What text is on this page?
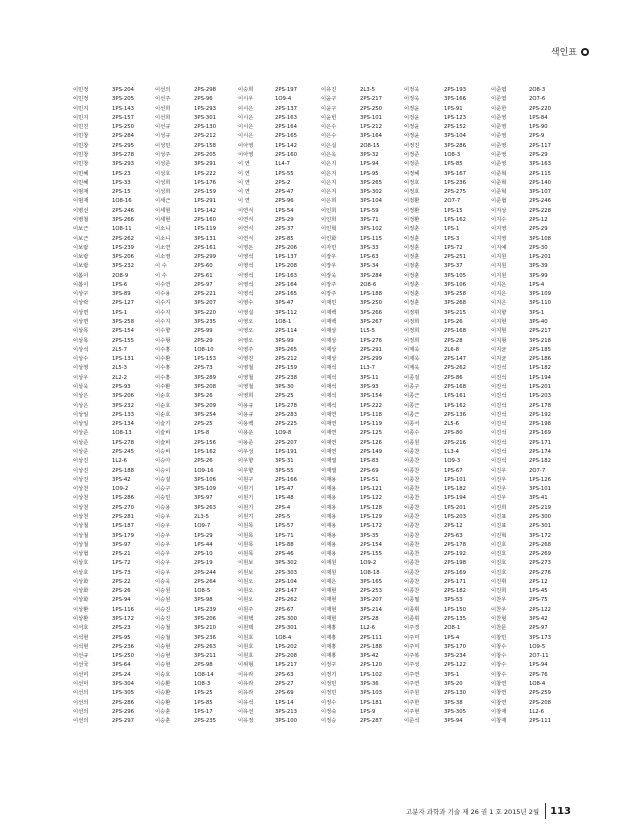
색인표
이민정	3PS-204	이선의	2PS-298	이승희	2PS-197	이유진	2L3-5	이정욱	2PS-193	이준엽	2O8-3
이민정	3PS-205	이선주	2PS-96	이시우	1O9-4	이윤구	2PS-217	이정욱	3PS-166	이준엽	2O7-6
이민지	1PS-143	이선희	1PS-293	이시은	2PS-137	이윤구	2PS-250	이정윤	1PS-91	이준한	2PS-220
이민지	2PS-157	이선희	3PS-301	이시은	2PS-163	이윤빈	3PS-101	이정윤	1PS-123	이준영	1PS-84
이민진	1PS-250	이선규	2PS-130	이시은	2PS-164	이은수	1PS-212	이정윤	2PS-152	이준영	1PS-90
이민창	2PS-284	이성규	2PS-212	이시은	2PS-165	이은수	3PS-164	이정윤	3PS-104	이준영	2PS-9
이민창	2PS-295	이성민	2PS-158	이아영	1PS-142	이은실	2O8-15	이정진	3PS-286	이준영	2PS-117
이민창	3PS-278	이성주	2PS-205	이아영	2PS-160	이은옥	3PS-32	이정준	1O8-3	이준영	2PS-29
이민창	3PS-293	이성준	3PS-291	이 연	1L4-7	이은지	1PS-94	이정준	1PS-85	이준영	3PS-163
이민혜	1PS-23	이성호	1PS-222	이 연	1PS-55	이은지	1PS-95	이정헤	3PS-167	이준혁	2PS-115
이민혜	1PS-33	이성희	1PS-176	이 연	2PS-2	이은지	3PS-265	이정호	1PS-236	이준혁	2PS-140
이범재	2PS-15	이성희	2PS-159	이 연	2PS-47	이은지	3PS-302	이정호	2PS-275	이준혁	3PS-107
이범재	1O8-16	이세근	1PS-291	이 연	2PS-96	이은희	3PS-104	이정환	2O7-7	이준협	2PS-246
이병선	2PS-246	이세현	1PS-142	이연식	1PS-54	이인희	1PS-59	이정환	1PS-15	이지상	2PS-228
이병철	3PS-266	이세현	2PS-160	이연식	2PS-29	이인희	3PS-71	이정환	1PS-162	이지수	2PS-12
이보근	1O8-11	이소니	1PS-119	이연식	2PS-37	이인혁	3PS-102	이정훈	1PS-1	이지영	2PS-29
이보근	2PS-262	이소니	3PS-131	이연식	2PS-85	이인화	1PS-115	이정훈	1PS-3	이지영	3PS-108
이보람	1PS-239	이소연	2PS-161	이영돈	2PS-206	이자민	3PS-33	이정훈	1PS-72	이지예	2PS-30
이보람	3PS-206	이소영	2PS-299	이영석	1PS-137	이장우	1PS-63	이정훈	2PS-251	이지원	1PS-201
이보람	3PS-232	이 수	2PS-60	이영석	1PS-208	이장우	3PS-34	이정훈	3PS-37	이지원	3PS-39
이봄이	2O8-9	이 수	2PS-61	이영석	1PS-163	이장욱	3PS-284	이정훈	3PS-105	이지원	3PS-99
이봄이	1PS-6	이수연	2PS-97	이영석	2PS-164	이장주	2O8-6	이정훈	3PS-106	이지은	1PS-4
이상구	3PS-89	이수용	2PS-221	이영석	2PS-165	이장주	1PS-188	이정훈	3PS-258	이지은	3PS-109
이상락	2PS-127	이수지	3PS-207	이영수	3PS-47	이재민	3PS-250	이정훈	3PS-268	이지은	3PS-110
이상면	1PS-1	이수지	3PS-220	이영실	3PS-112	이재백	3PS-266	이정휘	3PS-215	이지향	3PS-1
이상면	3PS-258	이수지	3PS-235	이영오	1O8-1	이재백	3PS-267	이정희	1PS-26	이지현	3PS-40
이상목	2PS-154	이수향	2PS-99	이영오	2PS-114	이재상	1L5-5	이정희	2PS-168	이지현	2PS-217
이상목	2PS-155	이수형	2PS-29	이영오	3PS-99	이재상	1PS-276	이정희	2PS-28	이지형	3PS-218
이상석	2L5-7	이수홍	1O8-10	이영주	3PS-265	이재상	2PS-291	이제욱	2L6-8	이지균	2PS-185
이상수	1PS-131	이수환	1PS-153	이영진	2PS-212	이재상	2PS-299	이제욱	2PS-147	이지균	2PS-186
이상영	2L5-3	이수홍	2PS-73	이영철	2PS-159	이재석	1L3-7	이제욱	2PS-262	이진석	1PS-182
이상우	2L2-2	이수홍	3PS-289	이영철	2PS-238	이재석	3PS-11	이종걸	2PS-86	이진석	1PS-194
이상욱	2PS-93	이수환	3PS-208	이영철	3PS-30	이재석	3PS-93	이종구	2PS-168	이진석	1PS-201
이상은	3PS-206	이순호	3PS-26	이영희	2PS-25	이재석	3PS-154	이종근	1PS-161	이진석	1PS-203
이상은	3PS-232	이순호	3PS-209	이용규	1PS-278	이재석	1PS-222	이종근	1PS-162	이진석	2PS-178
이상일	2PS-133	이순호	3PS-254	이용규	2PS-283	이재연	1PS-118	이종근	2PS-136	이진석	2PS-192
이상일	2PS-134	이슬기	2PS-25	이용백	2PS-225	이재연	1PS-119	이종서	2L5-6	이진석	2PS-198
이상준	1O8-13	이슬비	1PS-8	이용운	1O9-8	이재연	2PS-125	이종수	2PS-80	이진석	2PS-169
이상준	1PS-278	이슬비	2PS-156	이용준	2PS-207	이재연	2PS-126	이종원	2PS-216	이진석	2PS-171
이상준	2PS-245	이승비	1PS-162	이우성	1PS-191	이재연	2PS-149	이종찬	1L3-4	이진석	2PS-174
이상진	1L2-6	이승아	2PS-26	이우향	3PS-31	이재열	1PS-83	이종찬	1O9-3	이진석	2PS-182
이상진	2PS-188	이승이	1O9-16	이우향	3PS-55	이재열	2PS-69	이종찬	1PS-67	이진우	2O7-7
이상진	3PS-42	이승걸	3PS-106	이원구	2PS-166	이재용	1PS-51	이종찬	1PS-101	이진우	1PS-126
이상천	1O9-2	이승구	3PS-109	이원기	1PS-47	이재용	1PS-121	이종찬	1PS-182	이진우	3PS-101
이상천	1PS-286	이승민	3PS-97	이원기	1PS-48	이재용	1PS-122	이종찬	1PS-194	이진우	3PS-41
이상천	2PS-270	이승용	3PS-263	이원기	2PS-4	이재용	1PS-128	이종찬	1PS-201	이진희	2PS-219
이상천	2PS-281	이승우	2L3-5	이원기	2PS-5	이재용	1PS-129	이종찬	1PS-203	이진표	2PS-300
이상철	1PS-187	이승우	1O9-7	이원목	1PS-57	이재용	1PS-172	이종찬	2PS-12	이진표	2PS-301
이상철	3PS-179	이승우	1PS-29	이원목	1PS-71	이재용	3PS-35	이종찬	2PS-63	이진혁	3PS-172
이상철	3PS-97	이승우	1PS-44	이원목	1PS-88	이재용	2PS-154	이종찬	2PS-178	이진호	2PS-268
이상협	2PS-21	이승우	2PS-10	이원목	2PS-46	이재용	2PS-155	이종찬	2PS-192	이진호	2PS-269
이상호	1PS-72	이승우	2PS-19	이원보	3PS-302	이재원	1O9-2	이종찬	2PS-198	이진호	2PS-273
이상호	1PS-73	이승우	2PS-244	이원보	2PS-303	이재원	1O8-18	이종찬	2PS-169	이진호	2PS-276
이상화	2PS-22	이승욱	2PS-264	이원오	2PS-104	이재은	3PS-165	이종찬	2PS-171	이진휘	2PS-12
이상화	2PS-26	이승원	1O8-5	이원오	2PS-147	이재현	2PS-253	이종찬	2PS-182	이진희	1PS-45
이상화	2PS-94	이승원	3PS-98	이원오	2PS-262	이재현	3PS-207	이종필	3PS-53	이찬우	2PS-75
이상환	1PS-116	이승진	1PS-239	이원주	2PS-67	이재현	3PS-214	이종휘	1PS-150	이찬우	2PS-122
이상환	3PS-172	이승진	3PS-206	이원택	2PS-300	이재현	2PS-28	이종휘	2PS-135	이찬형	3PS-42
이서호	2PS-23	이승철	3PS-210	이원택	2PS-301	이재홍	1L2-6	이주경	2O8-1	이찬문	2PS-97
이석현	2PS-95	이승철	3PS-236	이원호	1O8-4	이재홍	2PS-111	이주미	1PS-4	이창민	3PS-173
이석현	2PS-236	이승현	2PS-263	이원호	1PS-202	이재홍	2PS-188	이주미	3PS-170	이창수	1O9-5
이선규	1PS-250	이승현	3PS-211	이원호	2PS-208	이재홍	3PS-42	이주복	3PS-234	이창수	2O7-11
이선국	3PS-64	이승현	2PS-98	이위형	1PS-217	이정구	2PS-120	이주성	2PS-122	이창수	1PS-94
이선미	2PS-24	이승호	1O8-14	이유라	2PS-63	이정기	1PS-102	이주연	3PS-1	이창수	2PS-76
이선미	3PS-304	이승환	1O8-3	이유라	2PS-27	이정민	3PS-36	이주연	3PS-20	이창연	1O8-4
이선의	1PS-305	이승환	1PS-25	이유라	2PS-69	이정민	3PS-103	이주원	2PS-130	이창연	2PS-259
이선의	2PS-286	이승환	1PS-85	이유석	1PS-14	이정수	1PS-181	이주한	3PS-38	이창연	2PS-208
이선의	2PS-296	이승훈	1PS-17	이유선	3PS-213	이정숙	1PS-9	이주현	3PS-305	이창재	1L2-6
이선의	2PS-297	이승훈	2PS-235	이유정	3PS-100	이정승	2PS-287	이준석	3PS-94	이창재	2PS-111
고분자 과학과 기술 제 26 권 1 호 2015년 2월 113
